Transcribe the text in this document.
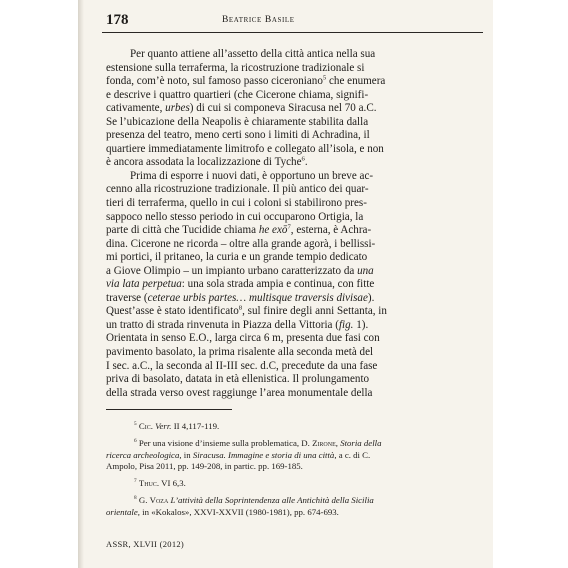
178	Beatrice Basile
Per quanto attiene all’assetto della città antica nella sua
estensione sulla terraferma, la ricostruzione tradizionale si
fonda, com’è noto, sul famoso passo ciceroniano$^5$ che enumera
e descrive i quattro quartieri (che Cicerone chiama, signifi-
cativamente, urbes) di cui si componeva Siracusa nel 70 a.C.
Se l’ubicazione della Neapolis è chiaramente stabilita dalla
presenza del teatro, meno certi sono i limiti di Achradina, il
quartiere immediatamente limitrofo e collegato all’isola, e non
è ancora assodata la localizzazione di Tyche$^6$.
Prima di esporre i nuovi dati, è opportuno un breve ac-
cenno alla ricostruzione tradizionale. Il più antico dei quar-
tieri di terraferma, quello in cui i coloni si stabilirono pres-
sappoco nello stesso periodo in cui occuparono Ortigia, la
parte di città che Tucidide chiama he exō$^7$, esterna, è Achra-
dina. Cicerone ne ricorda – oltre alla grande agorà, i bellissi-
mi portici, il pritaneo, la curia e un grande tempio dedicato
a Giove Olimpio – un impianto urbano caratterizzato da una
via lata perpetua: una sola strada ampia e continua, con fitte
traverse (ceterae urbis partes… multisque traversis divisae).
Quest’asse è stato identificato$^8$, sul finire degli anni Settanta, in
un tratto di strada rinvenuta in Piazza della Vittoria (fig. 1).
Orientata in senso E.O., larga circa 6 m, presenta due fasi con
pavimento basolato, la prima risalente alla seconda metà del
I sec. a.C., la seconda al II-III sec. d.C, precedute da una fase
priva di basolato, datata in età ellenistica. Il prolungamento
della strada verso ovest raggiunge l’area monumentale della
$^5$ Cic. Verr. II 4,117-119.
$^6$ Per una visione d’insieme sulla problematica, D. Zirone, Storia della
ricerca archeologica, in Siracusa. Immagine e storia di una città, a c. di C.
Ampolo, Pisa 2011, pp. 149-208, in partic. pp. 169-185.
$^7$ Thuc. VI 6,3.
$^8$ G. Voza L’attività della Soprintendenza alle Antichità della Sicilia
orientale, in «Kokalos», XXVI-XXVII (1980-1981), pp. 674-693.
ASSR, XLVII (2012)
